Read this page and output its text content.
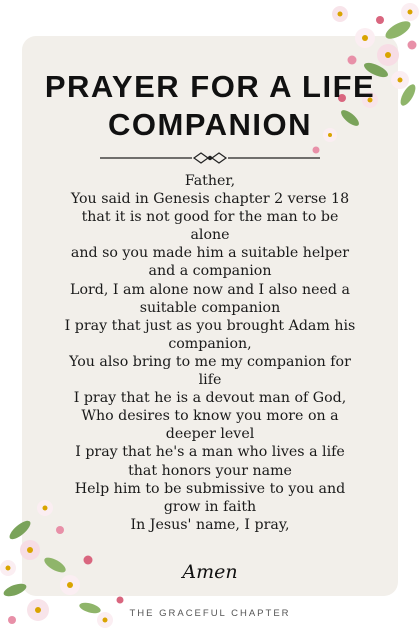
PRAYER FOR A LIFE COMPANION
Father,
You said in Genesis chapter 2 verse 18
that it is not good for the man to be
alone
and so you made him a suitable helper
and a companion
Lord, I am alone now and I also need a
suitable companion
I pray that just as you brought Adam his
companion,
You also bring to me my companion for
life
I pray that he is a devout man of God,
Who desires to know you more on a
deeper level
I pray that he's a man who lives a life
that honors your name
Help him to be submissive to you and
grow in faith
In Jesus' name, I pray,
Amen
THE GRACEFUL CHAPTER
